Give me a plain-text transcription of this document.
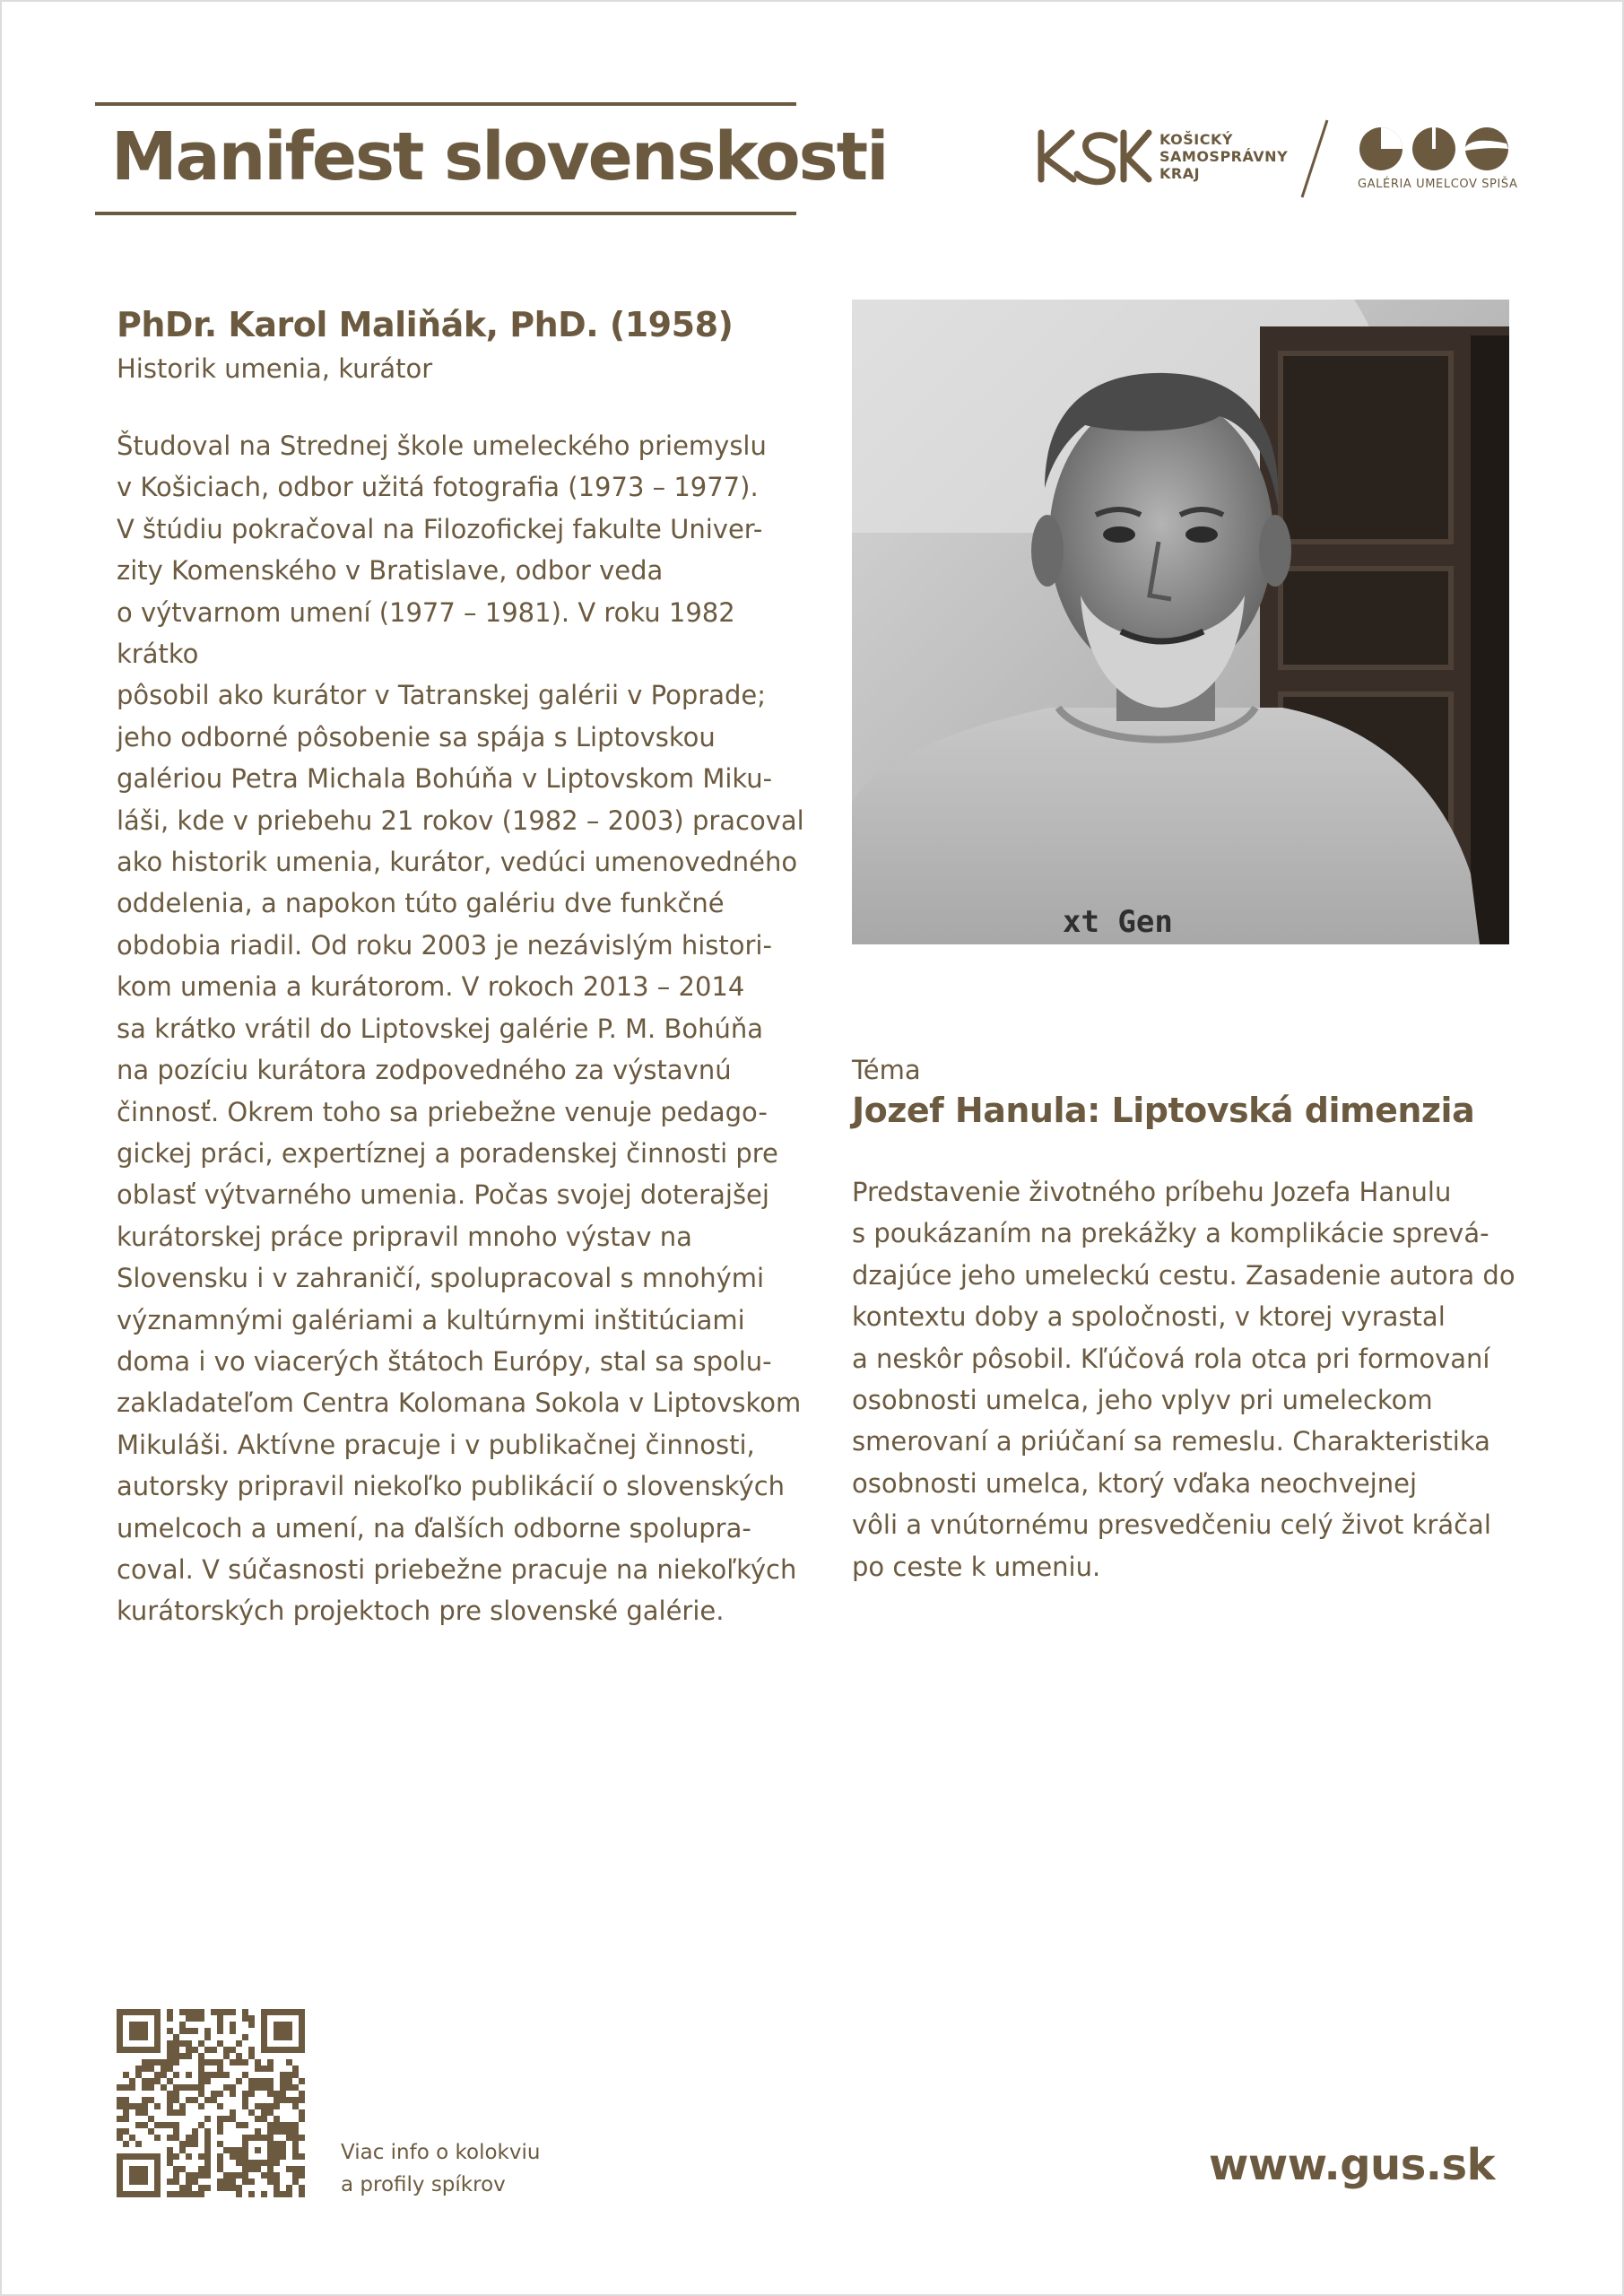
Manifest slovenskosti	KOŠICKÝ
SAMOSPRÁVNY
KRAJ
GALÉRIA UMELCOV SPIŠA
PhDr. Karol Maliňák, PhD. (1958)

Historik umenia, kurátor

Študoval na Strednej škole umeleckého priemyslu
v Košiciach, odbor užitá fotografia (1973 – 1977).
V štúdiu pokračoval na Filozofickej fakulte Univer-
zity Komenského v Bratislave, odbor veda
o výtvarnom umení (1977 – 1981). V roku 1982 krátko
pôsobil ako kurátor v Tatranskej galérii v Poprade;
jeho odborné pôsobenie sa spája s Liptovskou
galériou Petra Michala Bohúňa v Liptovskom Miku-
láši, kde v priebehu 21 rokov (1982 – 2003) pracoval
ako historik umenia, kurátor, vedúci umenovedného
oddelenia, a napokon túto galériu dve funkčné
obdobia riadil. Od roku 2003 je nezávislým histori-
kom umenia a kurátorom. V rokoch 2013 – 2014
sa krátko vrátil do Liptovskej galérie P. M. Bohúňa
na pozíciu kurátora zodpovedného za výstavnú
činnosť. Okrem toho sa priebežne venuje pedago-
gickej práci, expertíznej a poradenskej činnosti pre
oblasť výtvarného umenia. Počas svojej doterajšej
kurátorskej práce pripravil mnoho výstav na
Slovensku i v zahraničí, spolupracoval s mnohými
významnými galériami a kultúrnymi inštitúciami
doma i vo viacerých štátoch Európy, stal sa spolu-
zakladateľom Centra Kolomana Sokola v Liptovskom
Mikuláši. Aktívne pracuje i v publikačnej činnosti,
autorsky pripravil niekoľko publikácií o slovenských
umelcoch a umení, na ďalších odborne spolupra-
coval. V súčasnosti priebežne pracuje na niekoľkých
kurátorských projektoch pre slovenské galérie.

xt Gen

Téma

Jozef Hanula: Liptovská dimenzia

Predstavenie životného príbehu Jozefa Hanulu
s poukázaním na prekážky a komplikácie sprevá-
dzajúce jeho umeleckú cestu. Zasadenie autora do
kontextu doby a spoločnosti, v ktorej vyrastal
a neskôr pôsobil. Kľúčová rola otca pri formovaní
osobnosti umelca, jeho vplyv pri umeleckom
smerovaní a priúčaní sa remeslu. Charakteristika
osobnosti umelca, ktorý vďaka neochvejnej
vôli a vnútornému presvedčeniu celý život kráčal
po ceste k umeniu.

Viac info o kolokviu
a profily spíkrov	www.gus.sk
